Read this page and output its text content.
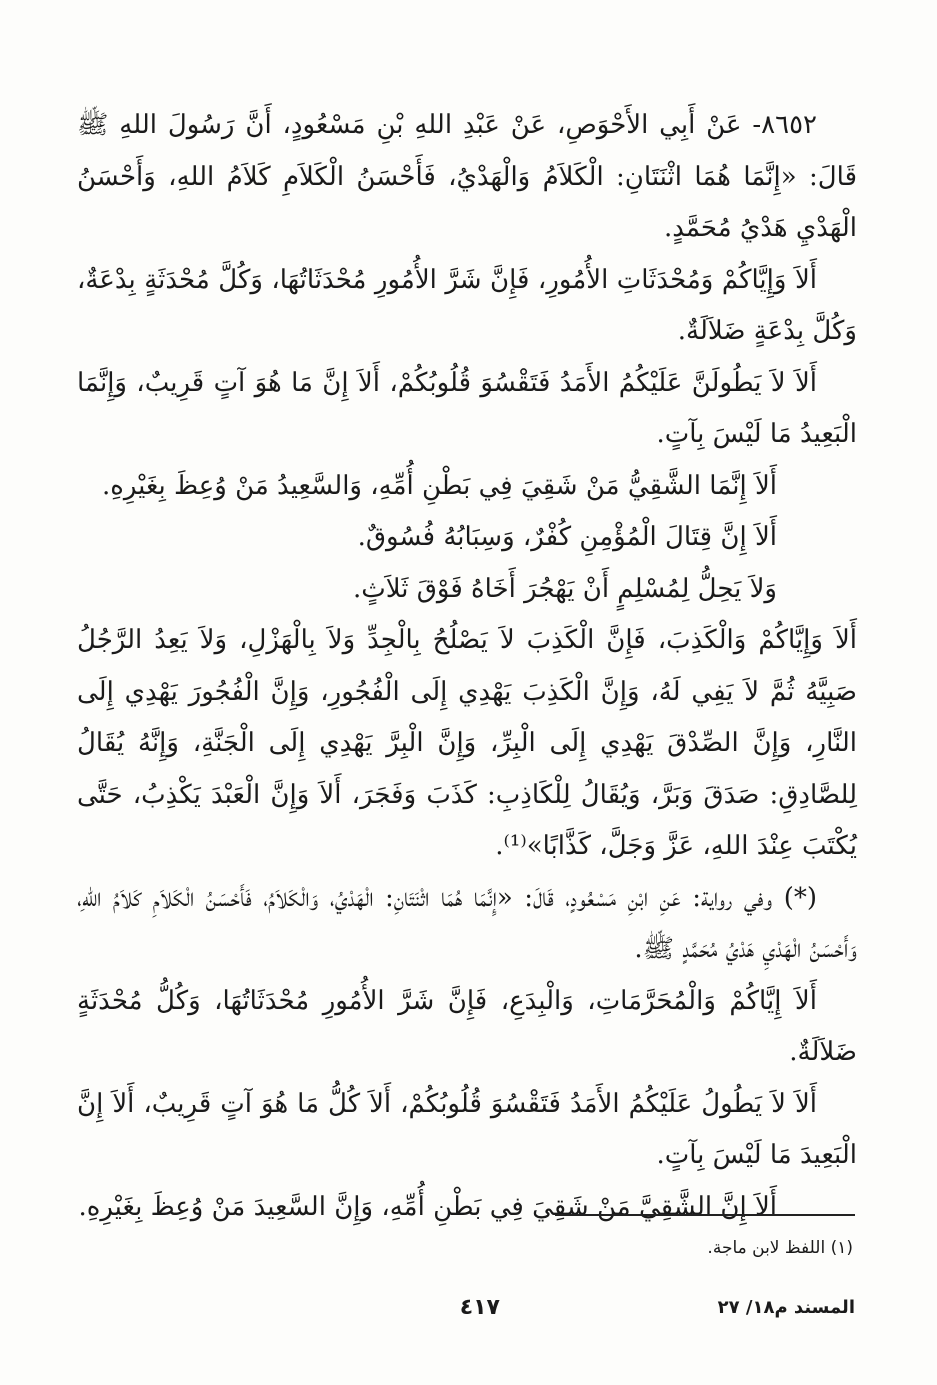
٨٦٥٢- عَنْ أَبِي الأَحْوَصِ، عَنْ عَبْدِ اللهِ بْنِ مَسْعُودٍ، أَنَّ رَسُولَ اللهِ ﷺ قَالَ: «إِنَّمَا هُمَا اثْنَتَانِ: الْكَلاَمُ وَالْهَدْيُ، فَأَحْسَنُ الْكَلاَمِ كَلاَمُ اللهِ، وَأَحْسَنُ الْهَدْيِ هَدْيُ مُحَمَّدٍ.

أَلاَ وَإِيَّاكُمْ وَمُحْدَثَاتِ الأُمُورِ، فَإِنَّ شَرَّ الأُمُورِ مُحْدَثَاتُهَا، وَكُلَّ مُحْدَثَةٍ بِدْعَةٌ، وَكُلَّ بِدْعَةٍ ضَلاَلَةٌ.

أَلاَ لاَ يَطُولَنَّ عَلَيْكُمُ الأَمَدُ فَتَقْسُوَ قُلُوبُكُمْ، أَلاَ إِنَّ مَا هُوَ آتٍ قَرِيبٌ، وَإِنَّمَا الْبَعِيدُ مَا لَيْسَ بِآتٍ.

أَلاَ إِنَّمَا الشَّقِيُّ مَنْ شَقِيَ فِي بَطْنِ أُمِّهِ، وَالسَّعِيدُ مَنْ وُعِظَ بِغَيْرِهِ.

أَلاَ إِنَّ قِتَالَ الْمُؤْمِنِ كُفْرٌ، وَسِبَابُهُ فُسُوقٌ.

وَلاَ يَحِلُّ لِمُسْلِمٍ أَنْ يَهْجُرَ أَخَاهُ فَوْقَ ثَلاَثٍ.

أَلاَ وَإِيَّاكُمْ وَالْكَذِبَ، فَإِنَّ الْكَذِبَ لاَ يَصْلُحُ بِالْجِدِّ وَلاَ بِالْهَزْلِ، وَلاَ يَعِدُ الرَّجُلُ صَبِيَّهُ ثُمَّ لاَ يَفِي لَهُ، وَإِنَّ الْكَذِبَ يَهْدِي إِلَى الْفُجُورِ، وَإِنَّ الْفُجُورَ يَهْدِي إِلَى النَّارِ، وَإِنَّ الصِّدْقَ يَهْدِي إِلَى الْبِرِّ، وَإِنَّ الْبِرَّ يَهْدِي إِلَى الْجَنَّةِ، وَإِنَّهُ يُقَالُ لِلصَّادِقِ: صَدَقَ وَبَرَّ، وَيُقَالُ لِلْكَاذِبِ: كَذَبَ وَفَجَرَ، أَلاَ وَإِنَّ الْعَبْدَ يَكْذِبُ، حَتَّى يُكْتَبَ عِنْدَ اللهِ، عَزَّ وَجَلَّ، كَذَّابًا»⁽¹⁾.

(*) وفي رواية: عَنِ ابْنِ مَسْعُودٍ، قَالَ: «إِنَّمَا هُمَا اثْنَتَانِ: الْهَدْيُ، وَالْكَلاَمُ، فَأَحْسَنُ الْكَلاَمِ كَلاَمُ اللهِ، وَأَحْسَنُ الْهَدْيِ هَدْيُ مُحَمَّدٍ ﷺ.

أَلاَ إِيَّاكُمْ وَالْمُحَرَّمَاتِ، وَالْبِدَعِ، فَإِنَّ شَرَّ الأُمُورِ مُحْدَثَاتُهَا، وَكُلُّ مُحْدَثَةٍ ضَلاَلَةٌ.

أَلاَ لاَ يَطُولُ عَلَيْكُمُ الأَمَدُ فَتَقْسُوَ قُلُوبُكُمْ، أَلاَ كُلُّ مَا هُوَ آتٍ قَرِيبٌ، أَلاَ إِنَّ الْبَعِيدَ مَا لَيْسَ بِآتٍ.

أَلاَ إِنَّ الشَّقِيَّ مَنْ شَقِيَ فِي بَطْنِ أُمِّهِ، وَإِنَّ السَّعِيدَ مَنْ وُعِظَ بِغَيْرِهِ.

(١) اللفظ لابن ماجة.
المسند م١٨/ ٢٧
٤١٧
